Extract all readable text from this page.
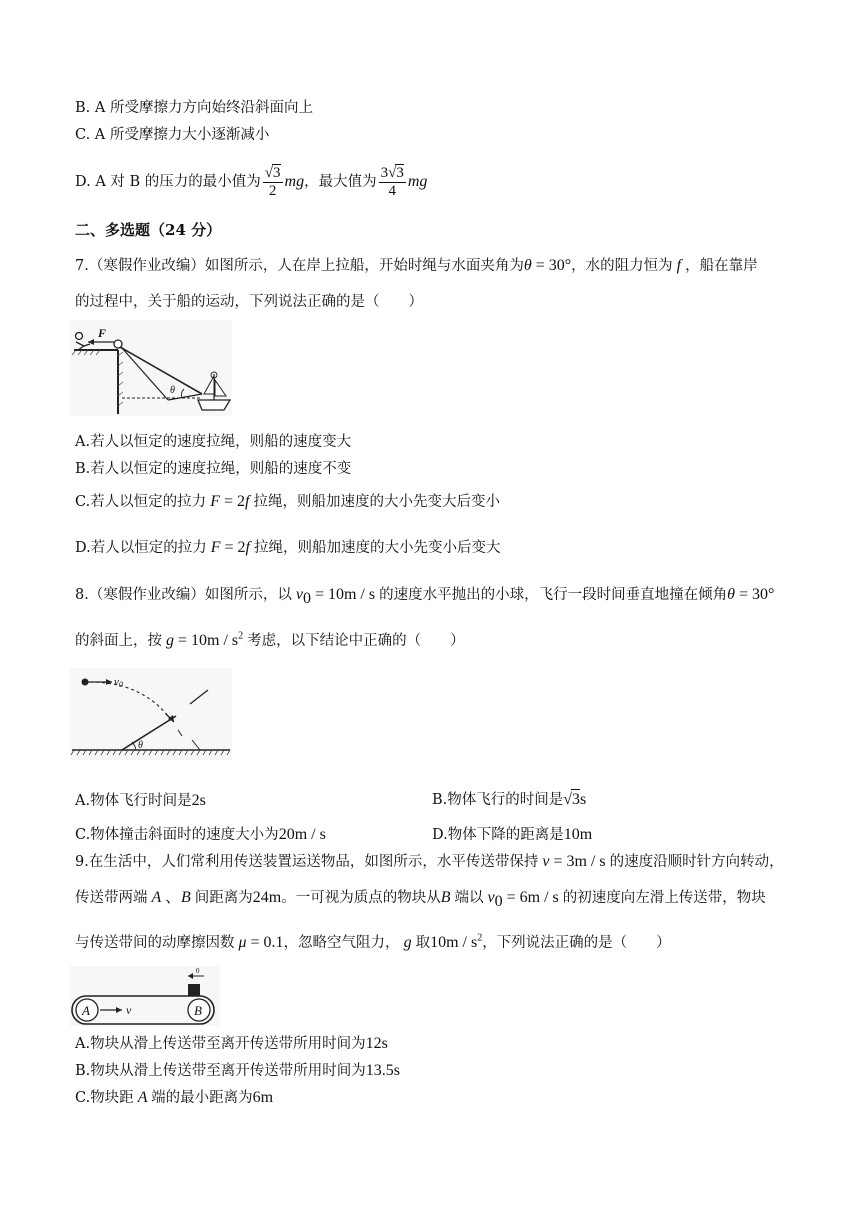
B. A 所受摩擦力方向始终沿斜面向上
C. A 所受摩擦力大小逐渐减小
D. A 对 B 的压力的最小值为 $\frac{√3}{2}$ mg，最大值为 $\frac{3√3}{4}$ mg
二、多选题（24 分）
7.（寒假作业改编）如图所示，人在岸上拉船，开始时绳与水面夹角为θ = 30°，水的阻力恒为 f ，船在靠岸
的过程中，关于船的运动，下列说法正确的是（　　）
F
θ
A.若人以恒定的速度拉绳，则船的速度变大
B.若人以恒定的速度拉绳，则船的速度不变
C.若人以恒定的拉力 F = 2f 拉绳，则船加速度的大小先变大后变小
D.若人以恒定的拉力 F = 2f 拉绳，则船加速度的大小先变小后变大
8.（寒假作业改编）如图所示，以 $v_0 = 10m / s$ 的速度水平抛出的小球，飞行一段时间垂直地撞在倾角θ = 30°
的斜面上，按 $g = 10m / s^2$ 考虑，以下结论中正确的（　　）
v0
θ
A.物体飞行时间是2s	B.物体飞行的时间是√3s
C.物体撞击斜面时的速度大小为20m / s	D.物体下降的距离是10m
9.在生活中，人们常利用传送装置运送物品，如图所示，水平传送带保持 v = 3m / s 的速度沿顺时针方向转动，
传送带两端 A 、B 间距离为24m。一可视为质点的物块从B 端以 $v_0 = 6m / s$ 的初速度向左滑上传送带，物块
与传送带间的动摩擦因数 μ = 0.1，忽略空气阻力， g 取$10m / s^2$，下列说法正确的是（　　）
0
A	B
v
A.物块从滑上传送带至离开传送带所用时间为12s
B.物块从滑上传送带至离开传送带所用时间为13.5s
C.物块距 A 端的最小距离为6m
